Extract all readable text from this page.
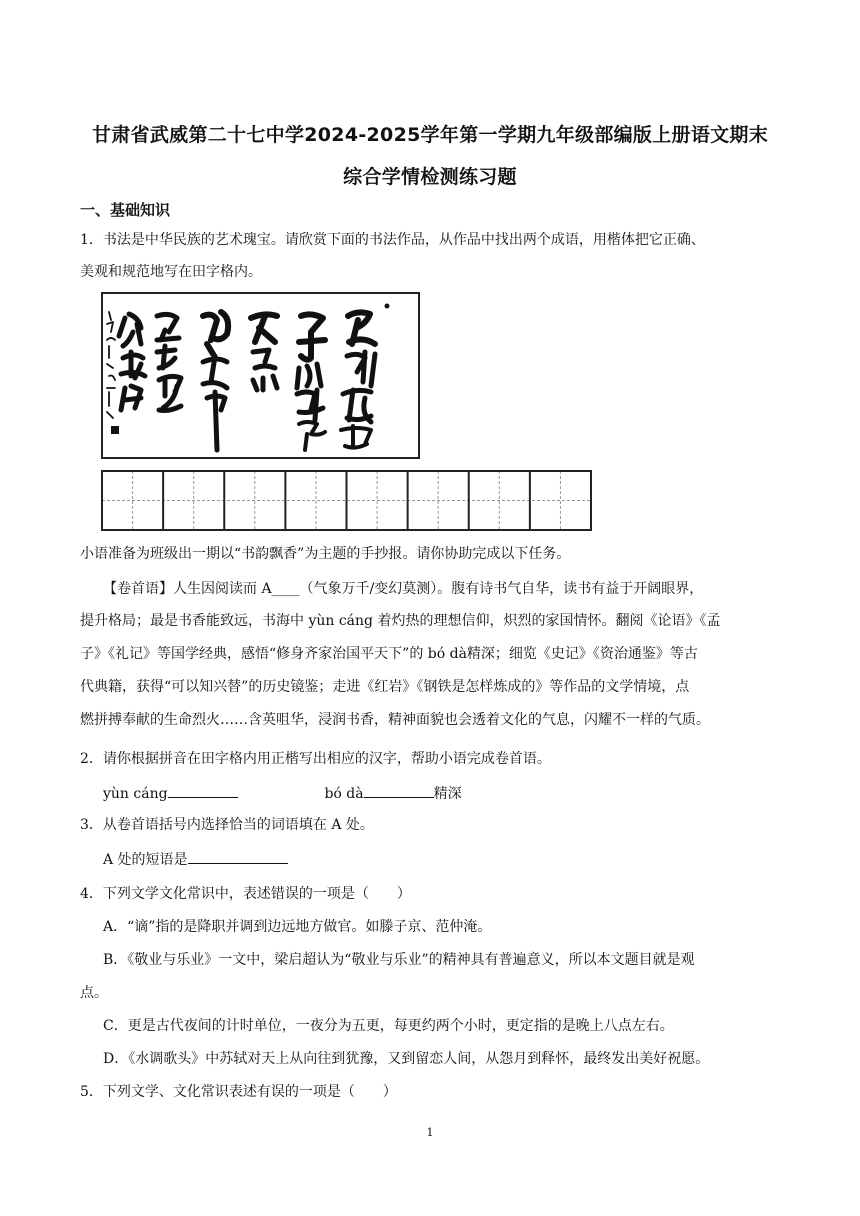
甘肃省武威第二十七中学2024-2025学年第一学期九年级部编版上册语文期末
综合学情检测练习题
一、基础知识
1．书法是中华民族的艺术瑰宝。请欣赏下面的书法作品，从作品中找出两个成语，用楷体把它正确、
美观和规范地写在田字格内。
小语准备为班级出一期以“书韵飘香”为主题的手抄报。请你协助完成以下任务。
【卷首语】人生因阅读而 A____（气象万千/变幻莫测）。腹有诗书气自华，读书有益于开阔眼界，
提升格局；最是书香能致远，书海中 yùn cáng 着灼热的理想信仰，炽烈的家国情怀。翻阅《论语》《孟
子》《礼记》等国学经典，感悟“修身齐家治国平天下”的 bó dà精深；细览《史记》《资治通鉴》等古
代典籍，获得“可以知兴替”的历史镜鉴；走进《红岩》《钢铁是怎样炼成的》等作品的文学情境，点
燃拼搏奉献的生命烈火……含英咀华，浸润书香，精神面貌也会透着文化的气息，闪耀不一样的气质。
2．请你根据拼音在田字格内用正楷写出相应的汉字，帮助小语完成卷首语。
yùn cáng	bó dà	精深
3．从卷首语括号内选择恰当的词语填在 A 处。
A 处的短语是
4．下列文学文化常识中，表述错误的一项是（　　）
A．“谪”指的是降职并调到边远地方做官。如滕子京、范仲淹。
B．《敬业与乐业》一文中，梁启超认为“敬业与乐业”的精神具有普遍意义，所以本文题目就是观
点。
C．更是古代夜间的计时单位，一夜分为五更，每更约两个小时，更定指的是晚上八点左右。
D．《水调歌头》中苏轼对天上从向往到犹豫，又到留恋人间，从怨月到释怀，最终发出美好祝愿。
5．下列文学、文化常识表述有误的一项是（　　）
1
